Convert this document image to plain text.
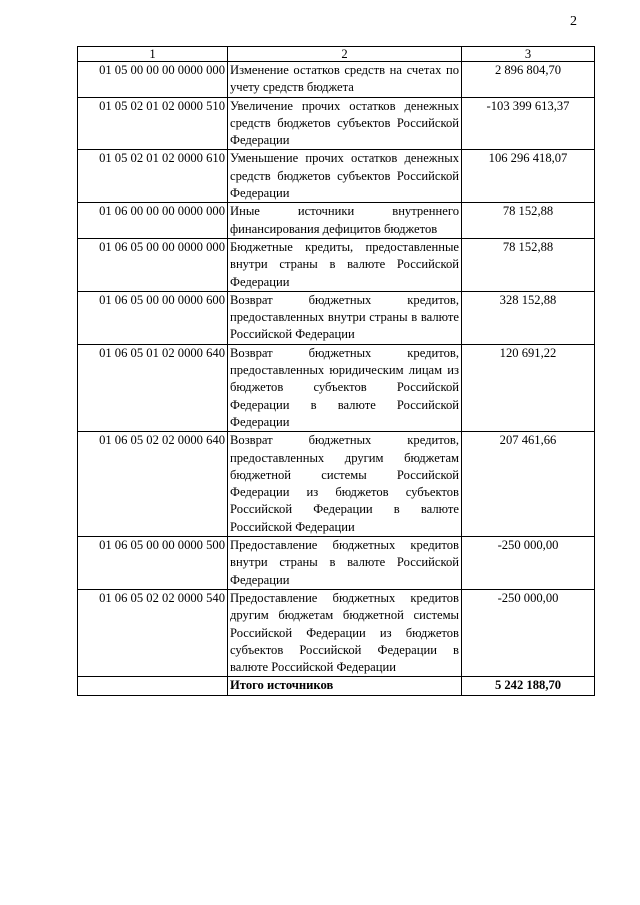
2
1	2	3
01 05 00 00 00 0000 000	Изменение остатков средств на счетах по учету средств бюджета	2 896 804,70
01 05 02 01 02 0000 510	Увеличение прочих остатков денежных средств бюджетов субъектов Российской Федерации	-103 399 613,37
01 05 02 01 02 0000 610	Уменьшение прочих остатков денежных средств бюджетов субъектов Российской Федерации	106 296 418,07
01 06 00 00 00 0000 000	Иные источники внутреннего финансирования дефицитов бюджетов	78 152,88
01 06 05 00 00 0000 000	Бюджетные кредиты, предоставленные внутри страны в валюте Российской Федерации	78 152,88
01 06 05 00 00 0000 600	Возврат бюджетных кредитов, предоставленных внутри страны в валюте Российской Федерации	328 152,88
01 06 05 01 02 0000 640	Возврат бюджетных кредитов, предоставленных юридическим лицам из бюджетов субъектов Российской Федерации в валюте Российской Федерации	120 691,22
01 06 05 02 02 0000 640	Возврат бюджетных кредитов, предоставленных другим бюджетам бюджетной системы Российской Федерации из бюджетов субъектов Российской Федерации в валюте Российской Федерации	207 461,66
01 06 05 00 00 0000 500	Предоставление бюджетных кредитов внутри страны в валюте Российской Федерации	-250 000,00
01 06 05 02 02 0000 540	Предоставление бюджетных кредитов другим бюджетам бюджетной системы Российской Федерации из бюджетов субъектов Российской Федерации в валюте Российской Федерации	-250 000,00
	Итого источников	5 242 188,70
